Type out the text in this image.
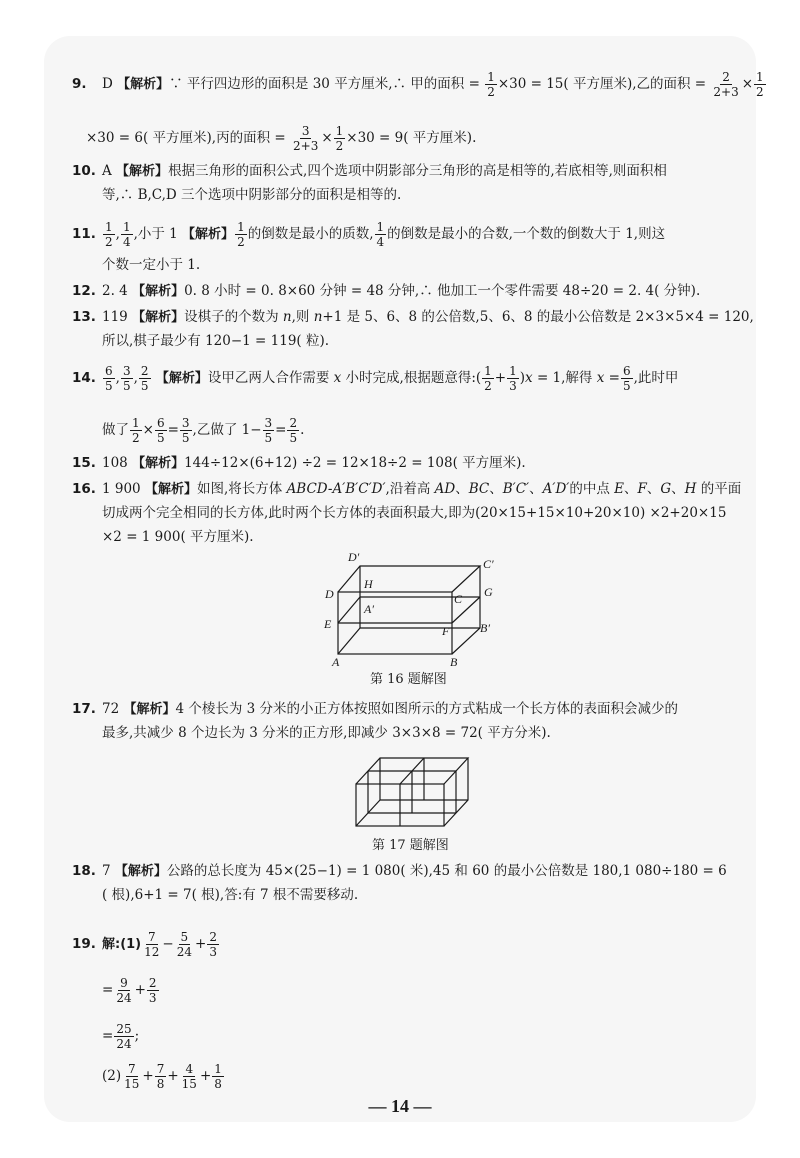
9. D 【解析】∵ 平行四边形的面积是 30 平方厘米,∴ 甲的面积 = $\frac{1}{2} \times 30 = 15$( 平方厘米),乙的面积 = $\frac{2}{2+3} \times \frac{1}{2}$
×30 = 6( 平方厘米),丙的面积 = $\frac{3}{2+3} \times \frac{1}{2} \times 30 = 9$( 平方厘米).
10. A 【解析】根据三角形的面积公式,四个选项中阴影部分三角形的高是相等的,若底相等,则面积相
等,∴ B,C,D 三个选项中阴影部分的面积是相等的.
11. $\frac{1}{2}$ , $\frac{1}{4}$ ,小于 1 【解析】 $\frac{1}{2}$ 的倒数是最小的质数, $\frac{1}{4}$ 的倒数是最小的合数,一个数的倒数大于 1,则这
个数一定小于 1.
12. 2. 4 【解析】0. 8 小时 = 0. 8×60 分钟 = 48 分钟,∴ 他加工一个零件需要 48÷20 = 2. 4( 分钟).
13. 119 【解析】设棋子的个数为 n,则 n+1 是 5、6、8 的公倍数,5、6、8 的最小公倍数是 2×3×5×4 = 120,
所以,棋子最少有 120−1 = 119( 粒).
14. $\frac{6}{5}$ , $\frac{3}{5}$ , $\frac{2}{5}$ 【解析】设甲乙两人合作需要 x 小时完成,根据题意得:( $\frac{1}{2} + \frac{1}{3} )x = 1$,解得 $x = \frac{6}{5}$ ,此时甲
做了 $\frac{1}{2} \times \frac{6}{5} = \frac{3}{5}$ ,乙做了 $1- \frac{3}{5} = \frac{2}{5}$ .
15. 108 【解析】144÷12×(6+12) ÷2 = 12×18÷2 = 108( 平方厘米).
16. 1 900 【解析】如图,将长方体 ABCD-A′B′C′D′,沿着高 AD、BC、B′C′、A′D′的中点 E、F、G、H 的平面
切成两个完全相同的长方体,此时两个长方体的表面积最大,即为(20×15+15×10+20×10) ×2+20×15
×2 = 1 900( 平方厘米).
17. 72 【解析】4 个棱长为 3 分米的小正方体按照如图所示的方式粘成一个长方体的表面积会减少的
最多,共减少 8 个边长为 3 分米的正方形,即减少 3×3×8 = 72( 平方分米).
18. 7 【解析】公路的总长度为 45×(25−1) = 1 080( 米),45 和 60 的最小公倍数是 180,1 080÷180 = 6
( 根),6+1 = 7( 根),答:有 7 根不需要移动.
19. 解:(1) $\frac{7}{12} - \frac{5}{24} + \frac{2}{3}$
= $\frac{9}{24} + \frac{2}{3}$
= $\frac{25}{24}$ ;
$(2) \frac{7}{15} + \frac{7}{8} + \frac{4}{15} + \frac{1}{8}$
D′	C′
H
G
D	C
A′
E	F	B′
A	B
第 16 题解图
第 17 题解图
— 14 —
